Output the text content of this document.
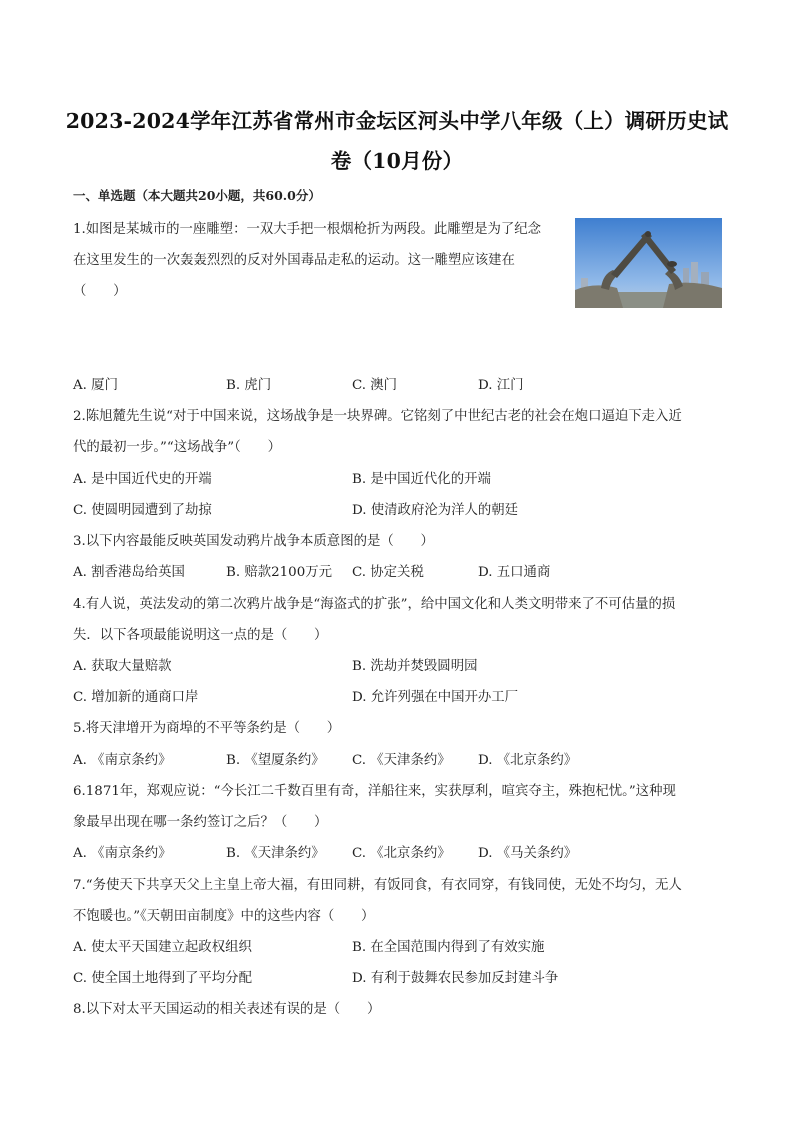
2023-2024学年江苏省常州市金坛区河头中学八年级（上）调研历史试
卷（10月份）
一、单选题（本大题共20小题，共60.0分）
1.如图是某城市的一座雕塑：一双大手把一根烟枪折为两段。此雕塑是为了纪念
在这里发生的一次轰轰烈烈的反对外国毒品走私的运动。这一雕塑应该建在
（　　）
A. 厦门	B. 虎门	C. 澳门	D. 江门
2.陈旭麓先生说“对于中国来说，这场战争是一块界碑。它铭刻了中世纪古老的社会在炮口逼迫下走入近
代的最初一步。”“这场战争”（　　）
A. 是中国近代史的开端	B. 是中国近代化的开端
C. 使圆明园遭到了劫掠	D. 使清政府沦为洋人的朝廷
3.以下内容最能反映英国发动鸦片战争本质意图的是（　　）
A. 割香港岛给英国	B. 赔款2100万元 C. 协定关税	D. 五口通商
4.有人说，英法发动的第二次鸦片战争是“海盗式的扩张”，给中国文化和人类文明带来了不可估量的损
失．以下各项最能说明这一点的是（　　）
A. 获取大量赔款	B. 洗劫并焚毁圆明园
C. 增加新的通商口岸	D. 允许列强在中国开办工厂
5.将天津增开为商埠的不平等条约是（　　）
A. 《南京条约》	B. 《望厦条约》 C. 《天津条约》 D. 《北京条约》
6.1871年，郑观应说：“今长江二千数百里有奇，洋船往来，实获厚利，喧宾夺主，殊抱杞忧。”这种现
象最早出现在哪一条约签订之后？（　　）
A. 《南京条约》	B. 《天津条约》 C. 《北京条约》 D. 《马关条约》
7.“务使天下共享天父上主皇上帝大福，有田同耕，有饭同食，有衣同穿，有钱同使，无处不均匀，无人
不饱暖也。”《天朝田亩制度》中的这些内容（　　）
A. 使太平天国建立起政权组织	B. 在全国范围内得到了有效实施
C. 使全国土地得到了平均分配	D. 有利于鼓舞农民参加反封建斗争
8.以下对太平天国运动的相关表述有误的是（　　）
